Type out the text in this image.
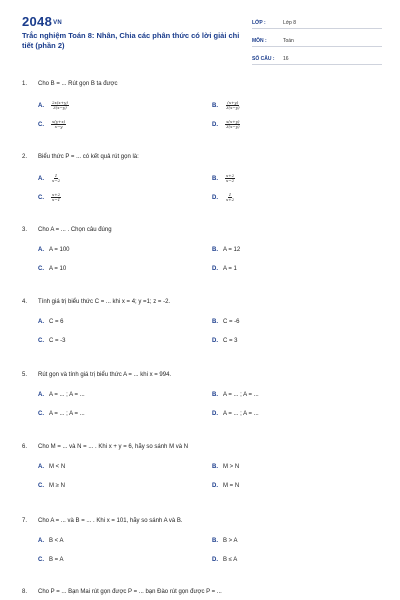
2048VN
Trắc nghiệm Toán 8: Nhân, Chia các phân thức có lời giải chi tiết (phần 2)
LỚP :	Lớp 8
MÔN :	Toán
SỐ CÂU :	16
1. Cho B = ... Rút gọn B ta được
A.	$\frac{2x(x+y)}{3(x-y)}$	B.	$\frac{(x+y)}{3(x-y)}$
C.	$\frac{x(y+x)}{x-y}$	D.	$\frac{x(x+y)}{3(x-y)}$
2. Biểu thức P = ... có kết quả rút gọn là:
A.	$\frac{1}{x-2}$	B.	$\frac{x+2}{x-2}$
C.	$\frac{x+2}{x-1}$	D.	$\frac{1}{x+2}$
3. Cho A = ... . Chọn câu đúng
A. A = 100	B. A = 12
C. A = 10	D. A = 1
4. Tính giá trị biểu thức C = ... khi x = 4; y =1; z = -2.
A. C = 6	B. C = -6
C. C = -3	D. C = 3
5. Rút gọn và tính giá trị biểu thức A = ... khi x = 994.
A. A = ... ; A = ...	B. A = ... ; A = ...
C. A = ... ; A = ...	D. A = ... ; A = ...
6. Cho M = ... và N = ... . Khi x + y = 6, hãy so sánh M và N
A. M < N	B. M > N
C. M ≥ N	D. M = N
7. Cho A = ... và B = ... . Khi x = 101, hãy so sánh A và B.
A. B < A	B. B > A
C. B = A	D. B ≤ A
8. Cho P = ... Bạn Mai rút gọn được P = ... bạn Đào rút gọn được P = ...
